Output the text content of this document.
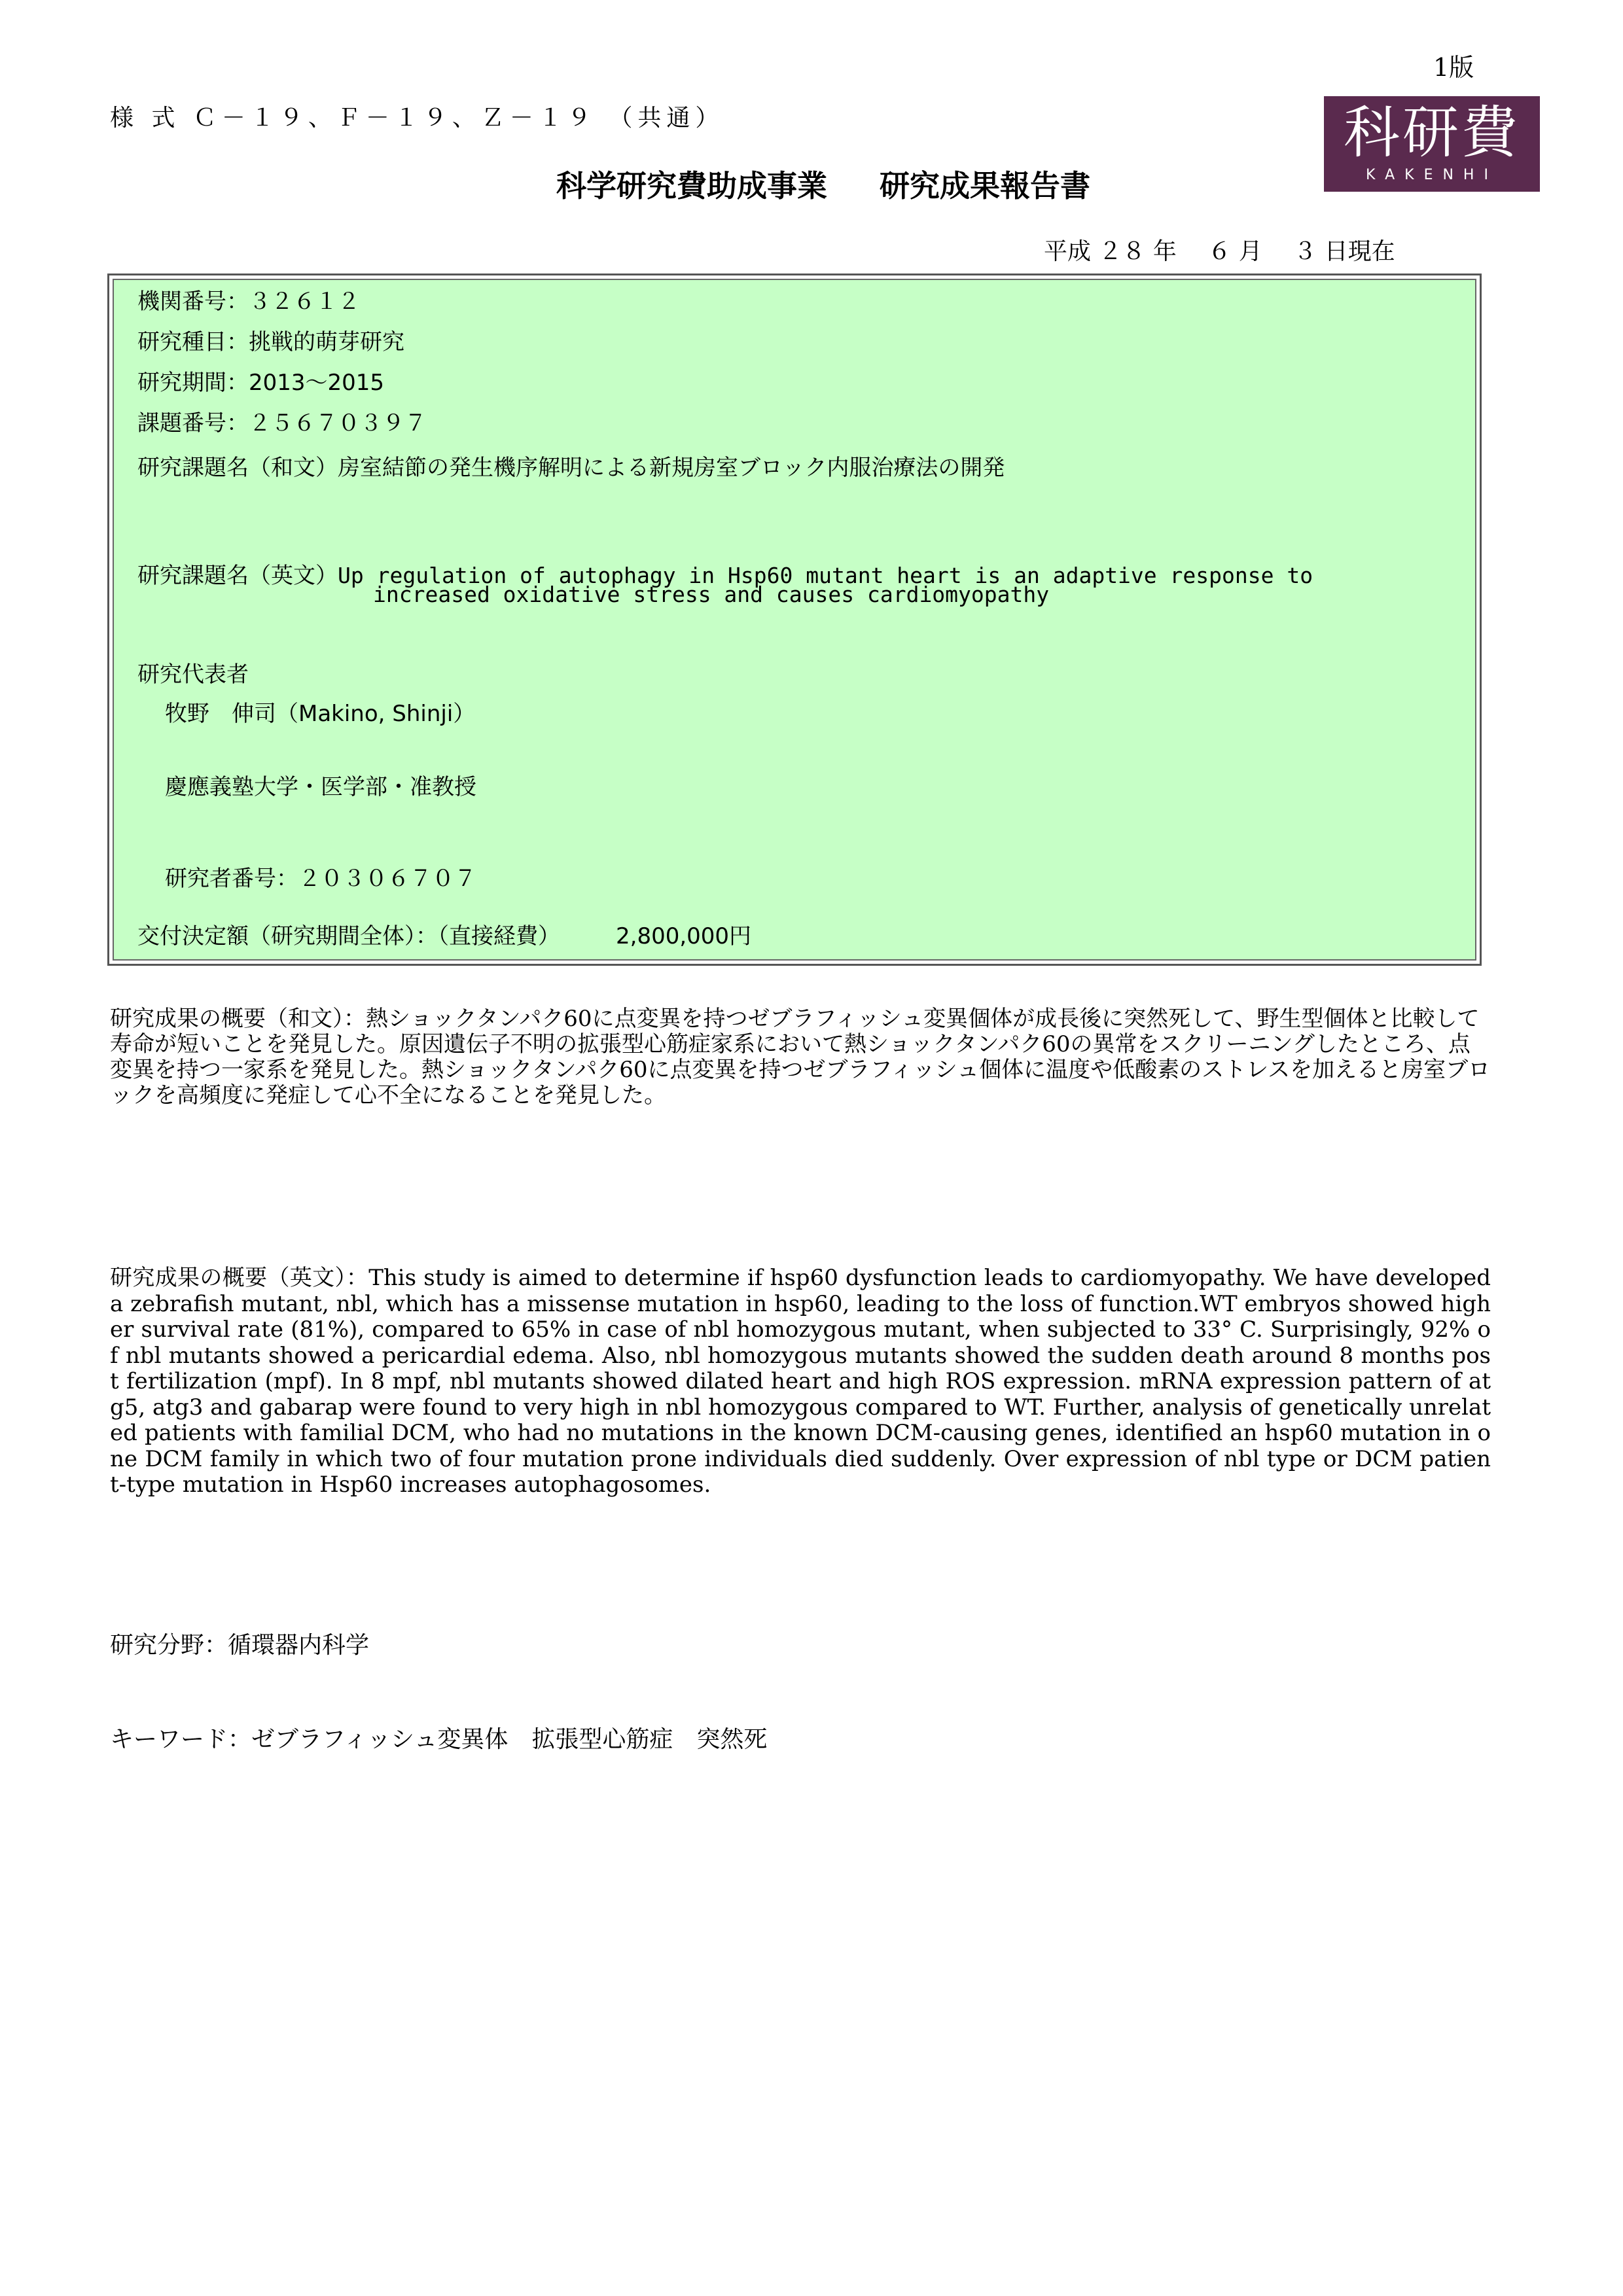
1版
様 式 Ｃ－１９、Ｆ－１９、Ｚ－１９ （共通）
科学研究費助成事業 研究成果報告書
科研費
KAKENHI
平成 ２８ 年　 ６ 月　 ３ 日現在
機関番号：３２６１２
研究種目：挑戦的萌芽研究
研究期間：2013～2015
課題番号：２５６７０３９７
研究課題名（和文）房室結節の発生機序解明による新規房室ブロック内服治療法の開発
研究課題名（英文）Up regulation of autophagy in Hsp60 mutant heart is an adaptive response to
increased oxidative stress and causes cardiomyopathy
研究代表者
牧野　伸司（Makino, Shinji）
慶應義塾大学・医学部・准教授
研究者番号：２０３０６７０７
交付決定額（研究期間全体）：（直接経費）　　　2,800,000円
研究成果の概要（和文）：熱ショックタンパク60に点変異を持つゼブラフィッシュ変異個体が成長後に突然死して、野生型個体と比較して寿命が短いことを発見した。原因遺伝子不明の拡張型心筋症家系において熱ショックタンパク60の異常をスクリーニングしたところ、点変異を持つ一家系を発見した。熱ショックタンパク60に点変異を持つゼブラフィッシュ個体に温度や低酸素のストレスを加えると房室ブロックを高頻度に発症して心不全になることを発見した。
研究成果の概要（英文）：This study is aimed to determine if hsp60 dysfunction leads to cardiomyopathy. We have developed a zebrafish mutant, nbl, which has a missense mutation in hsp60, leading to the loss of function.WT embryos showed higher survival rate (81%), compared to 65% in case of nbl homozygous mutant, when subjected to 33° C. Surprisingly, 92% of nbl mutants showed a pericardial edema. Also, nbl homozygous mutants showed the sudden death around 8 months post fertilization (mpf). In 8 mpf, nbl mutants showed dilated heart and high ROS expression. mRNA expression pattern of atg5, atg3 and gabarap were found to very high in nbl homozygous compared to WT. Further, analysis of genetically unrelated patients with familial DCM, who had no mutations in the known DCM-causing genes, identified an hsp60 mutation in one DCM family in which two of four mutation prone individuals died suddenly. Over expression of nbl type or DCM patient-type mutation in Hsp60 increases autophagosomes.
研究分野：循環器内科学
キーワード：ゼブラフィッシュ変異体　拡張型心筋症　突然死
